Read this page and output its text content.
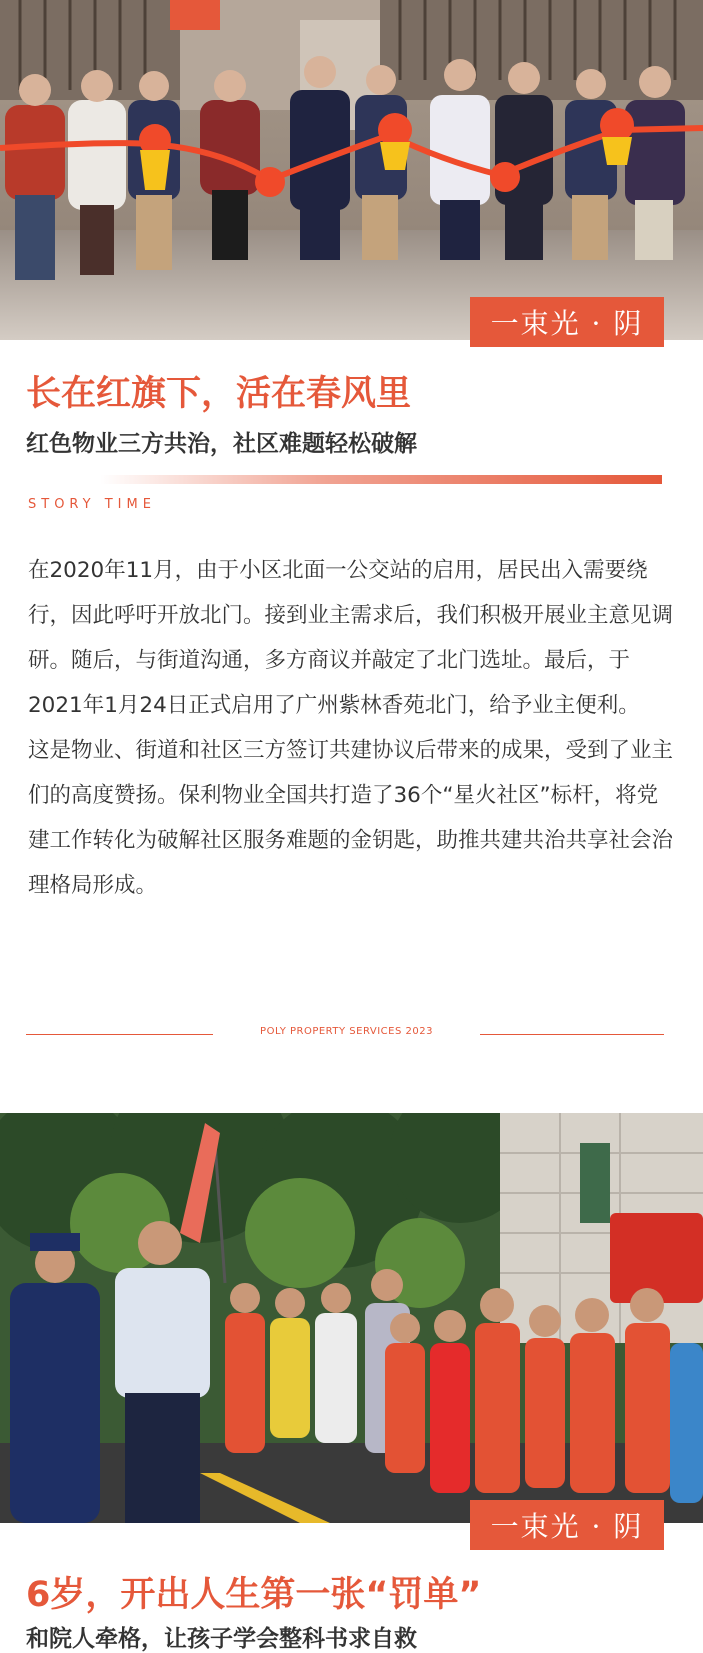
一束光 · 阴
长在红旗下，活在春风里
红色物业三方共治，社区难题轻松破解
STORY TIME

在2020年11月，由于小区北面一公交站的启用，居民出入需要绕行，因此呼吁开放北门。接到业主需求后，我们积极开展业主意见调研。随后，与街道沟通，多方商议并敲定了北门选址。最后，于2021年1月24日正式启用了广州紫林香苑北门，给予业主便利。

这是物业、街道和社区三方签订共建协议后带来的成果，受到了业主们的高度赞扬。保利物业全国共打造了36个“星火社区”标杆，将党建工作转化为破解社区服务难题的金钥匙，助推共建共治共享社会治理格局形成。

POLY PROPERTY SERVICES 2023
一束光 · 阴
6岁，开出人生第一张“罚单”
和院人牵格，让孩子学会整科书求自救
